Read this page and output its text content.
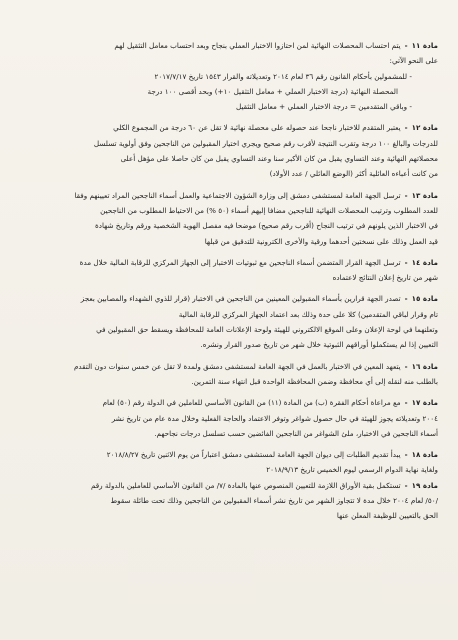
مادة ١١-يتم احتساب المحصلات النهائية لمن احتازوا الاختبار العملي بنجاح وبعد احتساب معامل التثقيل لهم
على النحو الآتي:
- للمشمولين بأحكام القانون رقم ٣٦ لعام ٢٠١٤ وتعديلاته والقرار ١٥٤٣ تاريخ ٢٠١٧/٧/١٧
المحصلة النهائية (درجة الاختبار العملي + معامل التثقيل ١٠+) وبحد أقصى ١٠٠ درجة
- وباقي المتقدمين = درجة الاختبار العملي + معامل التثقيل

مادة ١٢-يعتبر المتقدم للاختبار ناجحا عند حصوله على محصلة نهائية لا تقل عن ٦٠ درجة من المجموع الكلي
للدرجات والبالغ ١٠٠ درجة وتقرب النتيجة لأقرب رقم صحيح ويجري اختيار المقبولين من الناجحين وفق أولوية تسلسل
محصلاتهم النهائية وعند التساوي يقبل من كان الأكبر سنا وعند التساوي يقبل من كان حاصلا على مؤهل أعلى
من كانت أعباءه العائلية أكثر (الوضع العائلي / عدد الأولاد)

مادة ١٣-ترسل الجهة العامة لمستشفى دمشق إلى وزارة الشؤون الاجتماعية والعمل أسماء الناجحين المراد تعيينهم وفقا
للعدد المطلوب وترتيب المحصلات النهائية للناجحين مضافا إليهم أسماء (٥٠ %) من الاحتياط المطلوب من الناجحين
في الاختبار الذين يلونهم في ترتيب النجاح (أقرب رقم صحيح) موضحا فيه مفصل الهوية الشخصية ورقم وتاريخ شهادة
قيد العمل وذلك على نسختين أحدهما ورقية والأخرى الكترونية للتدقيق من قبلها

مادة ١٤-ترسل الجهة القرار المتضمن أسماء الناجحين مع ثبوتيات الاختبار إلى الجهاز المركزي للرقابة المالية خلال مدة
شهر من تاريخ إعلان النتائج لاعتماده

مادة ١٥-تصدر الجهة قرارين بأسماء المقبولين المعينين من الناجحين في الاختبار (قرار للذوي الشهداء والمصابين بعجز
تام وقرار لباقي المتقدمين) كلا على حدة وذلك بعد اعتماد الجهاز المركزي للرقابة المالية
وتعلنهما في لوحة الإعلان وعلى الموقع الالكتروني للهيئة ولوحة الإعلانات العامة للمحافظة ويسقط حق المقبولين في
التعيين إذا لم يستكملوا أوراقهم الثبوتية خلال شهر من تاريخ صدور القرار ونشره.

مادة ١٦-يتعهد المعين في الاختبار بالعمل في الجهة العامة لمستشفى دمشق ولمدة لا تقل عن خمس سنوات دون التقدم
بالطلب منه لنقله إلى أي محافظة وضمن المحافظة الواحدة قبل انتهاء سنة التمرين.

مادة ١٧-مع مراعاة أحكام الفقرة (ب) من المادة (١١) من القانون الأساسي للعاملين في الدولة رقم (٥٠) لعام
٢٠٠٤ وتعديلاته يجوز للهيئة في حال حصول شواغر وتوفر الاعتماد والحاجة الفعلية وخلال مدة عام من تاريخ نشر
أسماء الناجحين في الاختبار، ملئ الشواغر من الناجحين الفائضين حسب تسلسل درجات نجاحهم.

مادة ١٨-يبدأ تقديم الطلبات إلى ديوان الجهة العامة لمستشفى دمشق اعتباراً من يوم الاثنين تاريخ ٢٠١٨/٨/٢٧
ولغاية نهاية الدوام الرسمي ليوم الخميس تاريخ ٢٠١٨/٩/١٣

مادة ١٩-تستكمل بقية الأوراق اللازمة للتعيين المنصوص عنها بالمادة /٧/ من القانون الأساسي للعاملين بالدولة رقم
/٥٠/ لعام ٢٠٠٤ خلال مدة لا تتجاوز الشهر من تاريخ نشر أسماء المقبولين من الناجحين وذلك تحت طائلة سقوط
الحق بالتعيين للوظيفة المعلن عنها
